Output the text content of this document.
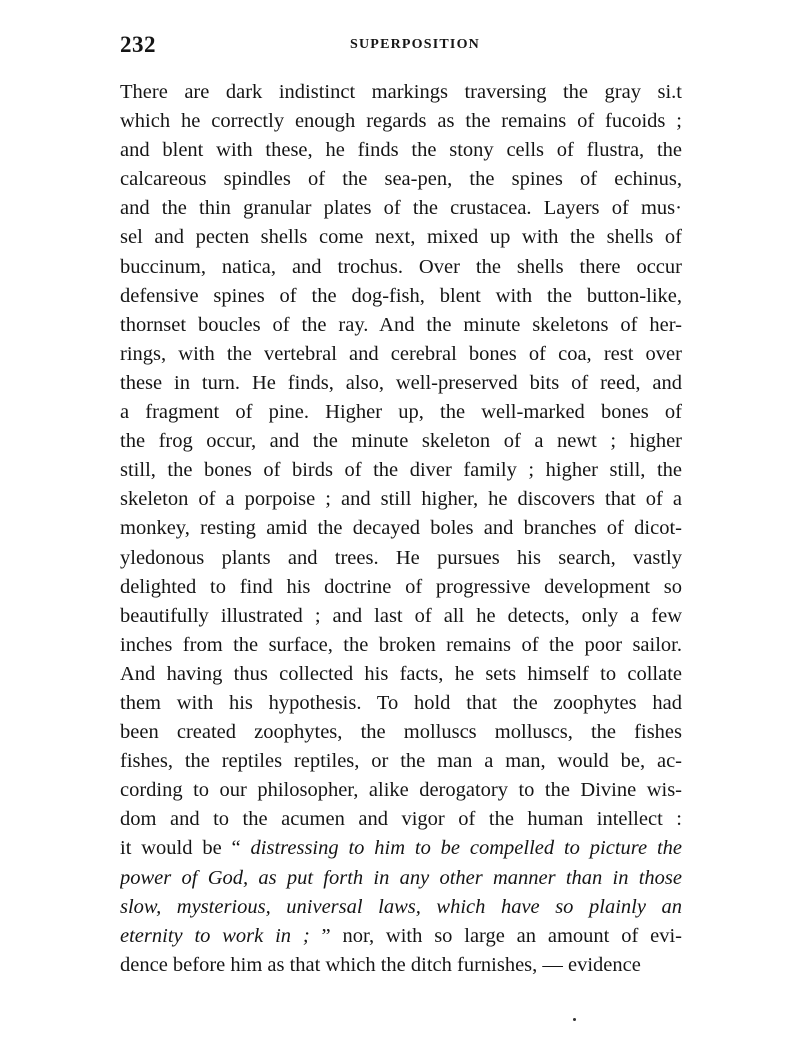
232	SUPERPOSITION
There are dark indistinct markings traversing the gray si.t
which he correctly enough regards as the remains of fucoids ;
and blent with these, he finds the stony cells of flustra, the
calcareous spindles of the sea-pen, the spines of echinus,
and the thin granular plates of the crustacea. Layers of mus·
sel and pecten shells come next, mixed up with the shells of
buccinum, natica, and trochus. Over the shells there occur
defensive spines of the dog-fish, blent with the button-like,
thornset boucles of the ray. And the minute skeletons of her-
rings, with the vertebral and cerebral bones of coa, rest over
these in turn. He finds, also, well-preserved bits of reed, and
a fragment of pine. Higher up, the well-marked bones of
the frog occur, and the minute skeleton of a newt ; higher
still, the bones of birds of the diver family ; higher still, the
skeleton of a porpoise ; and still higher, he discovers that of a
monkey, resting amid the decayed boles and branches of dicot-
yledonous plants and trees. He pursues his search, vastly
delighted to find his doctrine of progressive development so
beautifully illustrated ; and last of all he detects, only a few
inches from the surface, the broken remains of the poor sailor.
And having thus collected his facts, he sets himself to collate
them with his hypothesis. To hold that the zoophytes had
been created zoophytes, the molluscs molluscs, the fishes
fishes, the reptiles reptiles, or the man a man, would be, ac-
cording to our philosopher, alike derogatory to the Divine wis-
dom and to the acumen and vigor of the human intellect :
it would be “ distressing to him to be compelled to picture the
power of God, as put forth in any other manner than in those
slow, mysterious, universal laws, which have so plainly an
eternity to work in ; ” nor, with so large an amount of evi-
dence before him as that which the ditch furnishes, — evidence
